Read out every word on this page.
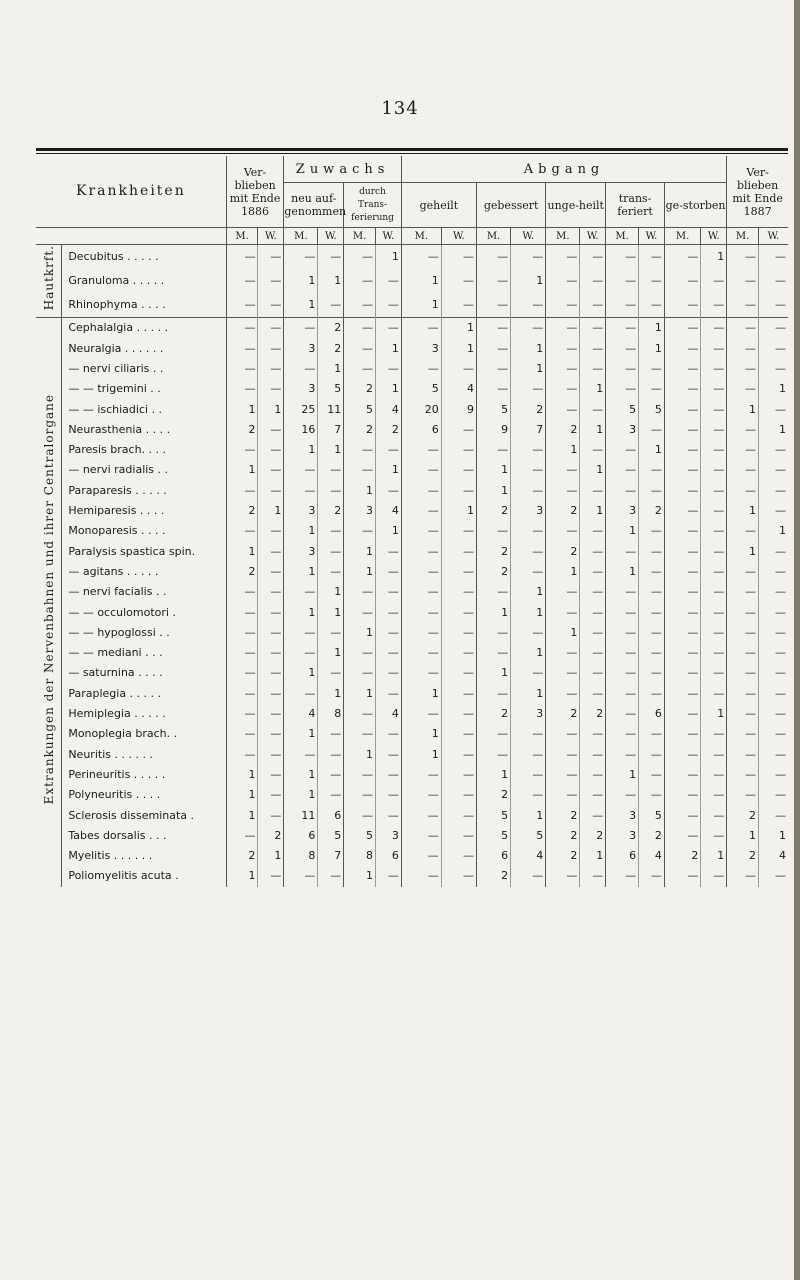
134
Krankheiten		Ver-blieben mit Ende 1886		Zuwachs				Abgang										Ver-blieben mit Ende 1887	
				neu auf-genommen		durch Trans-ferierung		geheilt		gebessert		unge-heilt		trans-feriert		ge-storben			
		M.	W.	M.	W.	M.	W.	M.	W.	M.	W.	M.	W.	M.	W.	M.	W.	M.	W.
Hautkrft.	Decubitus . . . . .	—	—	—	—	—	1	—	—	—	—	—	—	—	—	—	1	—	—
	Granuloma . . . . .	—	—	1	1	—	—	1	—	—	1	—	—	—	—	—	—	—	—
	Rhinophyma . . . .	—	—	1	—	—	—	1	—	—	—	—	—	—	—	—	—	—	—
Extrankungen der Nervenbahnen und ihrer Centralorgane	Cephalalgia . . . . .	—	—	—	2	—	—	—	1	—	—	—	—	—	1	—	—	—	—
	Neuralgia . . . . . .	—	—	3	2	—	1	3	1	—	1	—	—	—	1	—	—	—	—
	— nervi ciliaris . .	—	—	—	1	—	—	—	—	—	1	—	—	—	—	—	—	—	—
	— — trigemini . .	—	—	3	5	2	1	5	4	—	—	—	1	—	—	—	—	—	1
	— — ischiadici . .	1	1	25	11	5	4	20	9	5	2	—	—	5	5	—	—	1	—
	Neurasthenia . . . .	2	—	16	7	2	2	6	—	9	7	2	1	3	—	—	—	—	1
	Paresis brach. . . .	—	—	1	1	—	—	—	—	—	—	1	—	—	1	—	—	—	—
	— nervi radialis . .	1	—	—	—	—	1	—	—	1	—	—	1	—	—	—	—	—	—
	Paraparesis . . . . .	—	—	—	—	1	—	—	—	1	—	—	—	—	—	—	—	—	—
	Hemiparesis . . . .	2	1	3	2	3	4	—	1	2	3	2	1	3	2	—	—	1	—
	Monoparesis . . . .	—	—	1	—	—	1	—	—	—	—	—	—	1	—	—	—	—	1
	Paralysis spastica spin.	1	—	3	—	1	—	—	—	2	—	2	—	—	—	—	—	1	—
	— agitans . . . . .	2	—	1	—	1	—	—	—	2	—	1	—	1	—	—	—	—	—
	— nervi facialis . .	—	—	—	1	—	—	—	—	—	1	—	—	—	—	—	—	—	—
	— — occulomotori .	—	—	1	1	—	—	—	—	1	1	—	—	—	—	—	—	—	—
	— — hypoglossi . .	—	—	—	—	1	—	—	—	—	—	1	—	—	—	—	—	—	—
	— — mediani . . .	—	—	—	1	—	—	—	—	—	1	—	—	—	—	—	—	—	—
	— saturnina . . . .	—	—	1	—	—	—	—	—	1	—	—	—	—	—	—	—	—	—
	Paraplegia . . . . .	—	—	—	1	1	—	1	—	—	1	—	—	—	—	—	—	—	—
	Hemiplegia . . . . .	—	—	4	8	—	4	—	—	2	3	2	2	—	6	—	1	—	—
	Monoplegia brach. .	—	—	1	—	—	—	1	—	—	—	—	—	—	—	—	—	—	—
	Neuritis . . . . . .	—	—	—	—	1	—	1	—	—	—	—	—	—	—	—	—	—	—
	Perineuritis . . . . .	1	—	1	—	—	—	—	—	1	—	—	—	1	—	—	—	—	—
	Polyneuritis . . . .	1	—	1	—	—	—	—	—	2	—	—	—	—	—	—	—	—	—
	Sclerosis disseminata .	1	—	11	6	—	—	—	—	5	1	2	—	3	5	—	—	2	—
	Tabes dorsalis . . .	—	2	6	5	5	3	—	—	5	5	2	2	3	2	—	—	1	1
	Myelitis . . . . . .	2	1	8	7	8	6	—	—	6	4	2	1	6	4	2	1	2	4
	Poliomyelitis acuta .	1	—	—	—	1	—	—	—	2	—	—	—	—	—	—	—	—	—
